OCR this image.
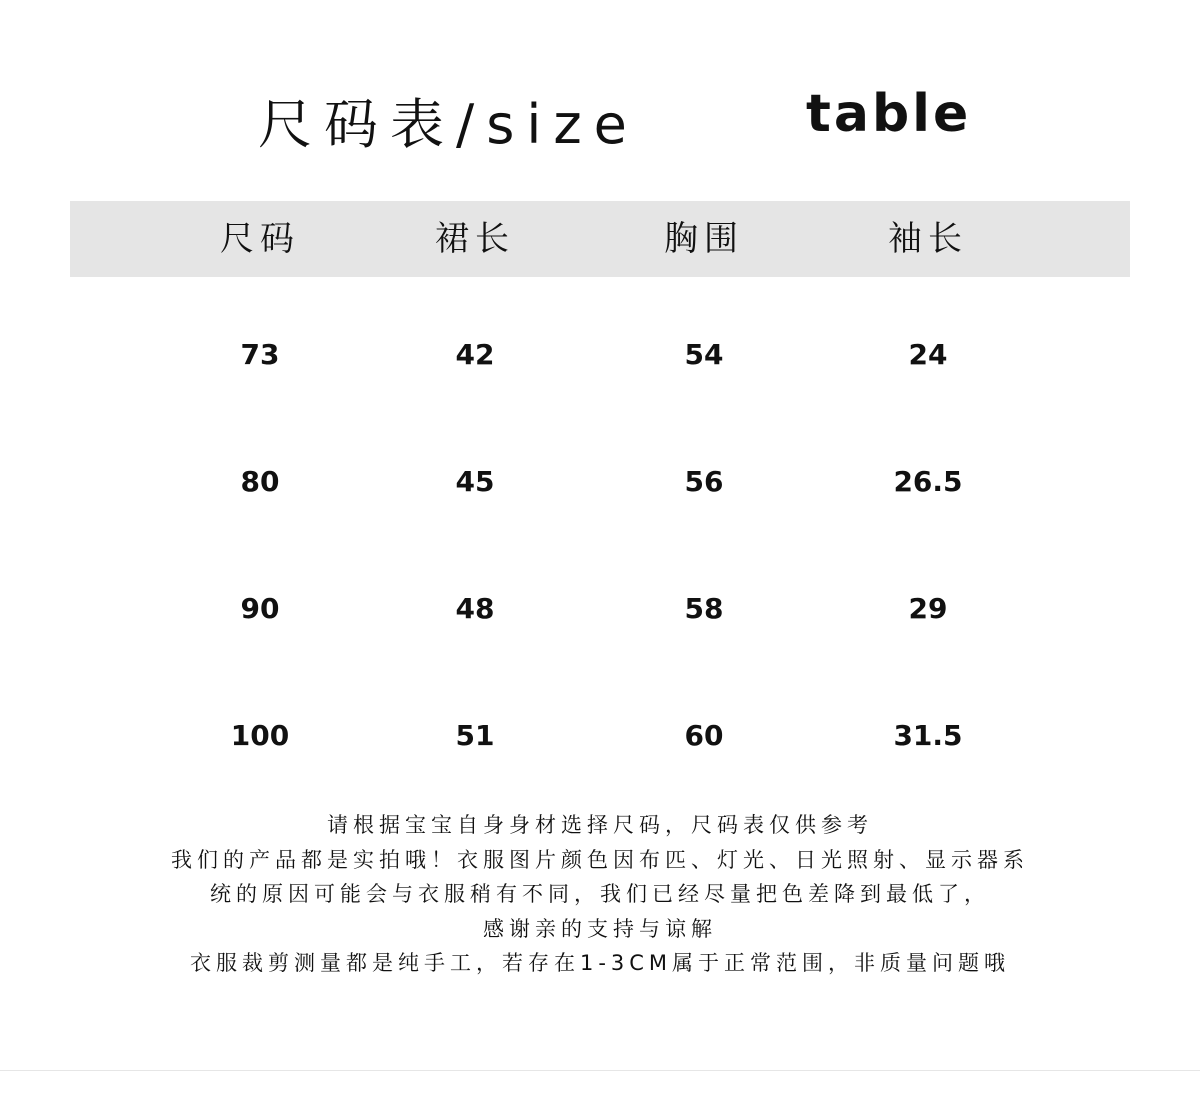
尺码表/size	table
尺码	裙长	胸围	袖长
73	42	54	24
80	45	56	26.5
90	48	58	29
100	51	60	31.5
请根据宝宝自身身材选择尺码，尺码表仅供参考
我们的产品都是实拍哦！衣服图片颜色因布匹、灯光、日光照射、显示器系
统的原因可能会与衣服稍有不同，我们已经尽量把色差降到最低了，
感谢亲的支持与谅解
衣服裁剪测量都是纯手工，若存在1-3CM属于正常范围，非质量问题哦
